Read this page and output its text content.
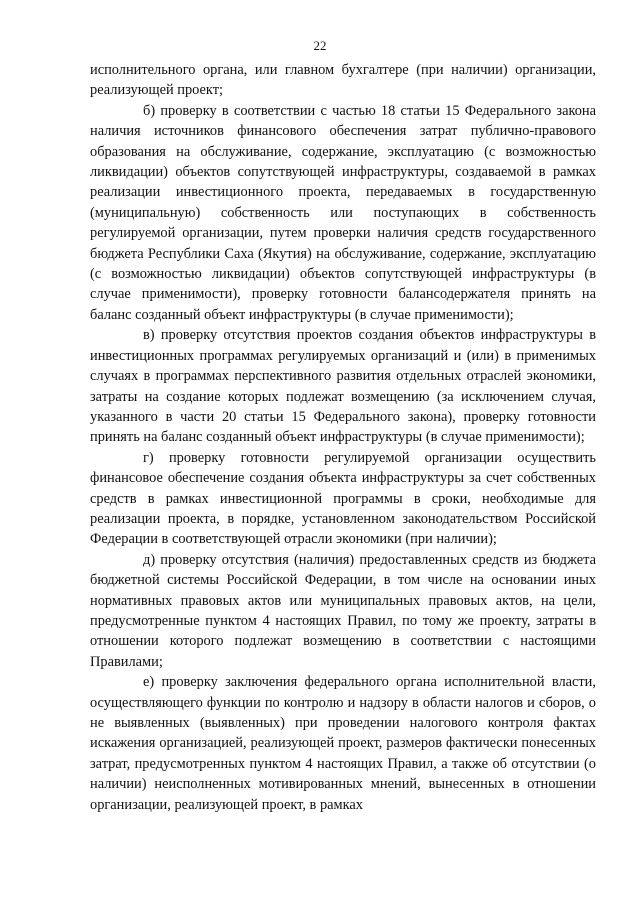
22

исполнительного органа, или главном бухгалтере (при наличии) организации, реализующей проект;

б) проверку в соответствии с частью 18 статьи 15 Федерального закона наличия источников финансового обеспечения затрат публично-правового образования на обслуживание, содержание, эксплуатацию (с возможностью ликвидации) объектов сопутствующей инфраструктуры, создаваемой в рамках реализации инвестиционного проекта, передаваемых в государственную (муниципальную) собственность или поступающих в собственность регулируемой организации, путем проверки наличия средств государственного бюджета Республики Саха (Якутия) на обслуживание, содержание, эксплуатацию (с возможностью ликвидации) объектов сопутствующей инфраструктуры (в случае применимости), проверку готовности балансодержателя принять на баланс созданный объект инфраструктуры (в случае применимости);

в) проверку отсутствия проектов создания объектов инфраструктуры в инвестиционных программах регулируемых организаций и (или) в применимых случаях в программах перспективного развития отдельных отраслей экономики, затраты на создание которых подлежат возмещению (за исключением случая, указанного в части 20 статьи 15 Федерального закона), проверку готовности принять на баланс созданный объект инфраструктуры (в случае применимости);

г) проверку готовности регулируемой организации осуществить финансовое обеспечение создания объекта инфраструктуры за счет собственных средств в рамках инвестиционной программы в сроки, необходимые для реализации проекта, в порядке, установленном законодательством Российской Федерации в соответствующей отрасли экономики (при наличии);

д) проверку отсутствия (наличия) предоставленных средств из бюджета бюджетной системы Российской Федерации, в том числе на основании иных нормативных правовых актов или муниципальных правовых актов, на цели, предусмотренные пунктом 4 настоящих Правил, по тому же проекту, затраты в отношении которого подлежат возмещению в соответствии с настоящими Правилами;

е) проверку заключения федерального органа исполнительной власти, осуществляющего функции по контролю и надзору в области налогов и сборов, о не выявленных (выявленных) при проведении налогового контроля фактах искажения организацией, реализующей проект, размеров фактически понесенных затрат, предусмотренных пунктом 4 настоящих Правил, а также об отсутствии (о наличии) неисполненных мотивированных мнений, вынесенных в отношении организации, реализующей проект, в рамках
